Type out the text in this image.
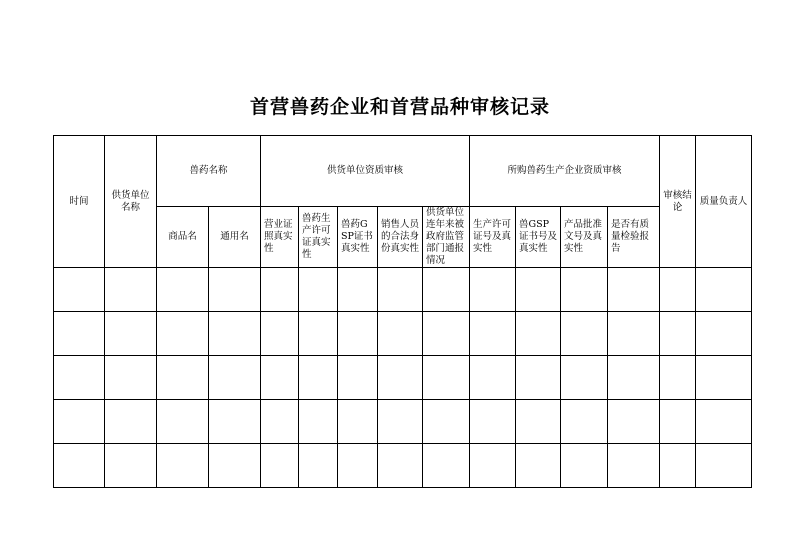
首营兽药企业和首营品种审核记录
时间	供货单位名称	兽药名称		供货单位资质审核					所购兽药生产企业资质审核				审核结论	质量负责人

		商品名	通用名	营业证照真实性	兽药生产许可证真实性	兽药GSP证书真实性	销售人员的合法身份真实性	供货单位连年来被政府监管部门通报情况	生产许可证号及真实性	兽GSP证书号及真实性	产品批准文号及真实性	是否有质量检验报告		
